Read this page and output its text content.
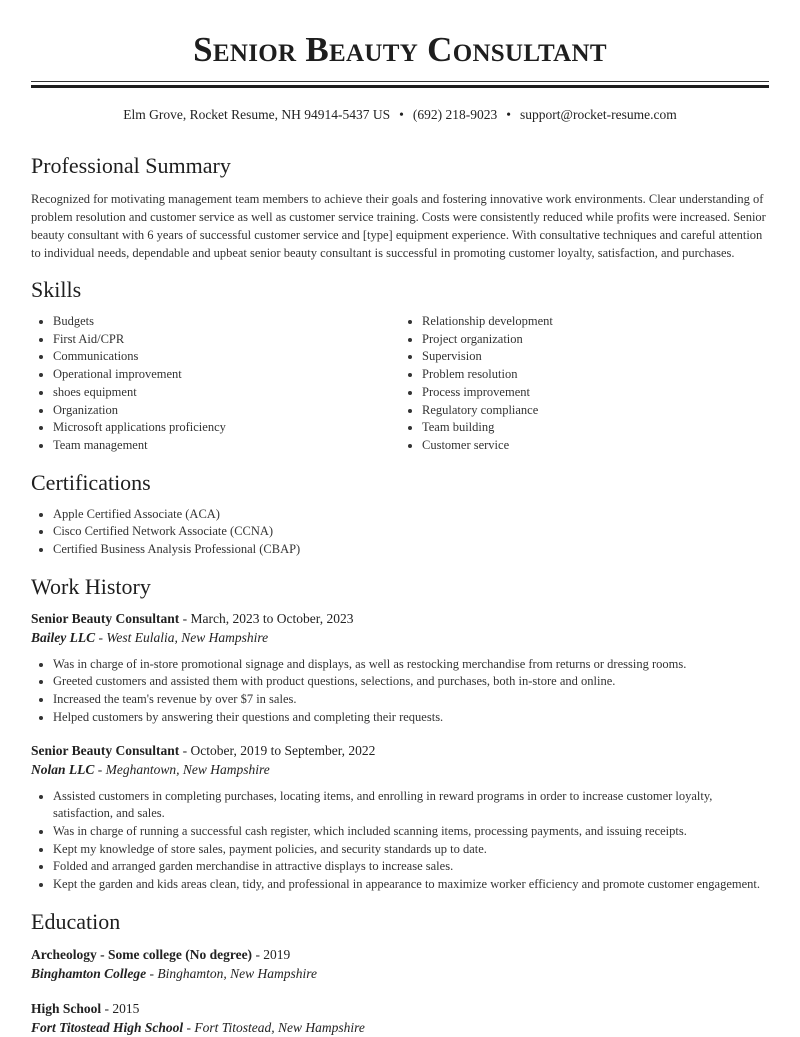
Senior Beauty Consultant
Elm Grove, Rocket Resume, NH 94914-5437 US • (692) 218-9023 • support@rocket-resume.com
Professional Summary

Recognized for motivating management team members to achieve their goals and fostering innovative work environments. Clear understanding of problem resolution and customer service as well as customer service training. Costs were consistently reduced while profits were increased. Senior beauty consultant with 6 years of successful customer service and [type] equipment experience. With consultative techniques and careful attention to individual needs, dependable and upbeat senior beauty consultant is successful in promoting customer loyalty, satisfaction, and purchases.

Skills
• Budgets
• First Aid/CPR
• Communications
• Operational improvement
• shoes equipment
• Organization
• Microsoft applications proficiency
• Team management
• Relationship development
• Project organization
• Supervision
• Problem resolution
• Process improvement
• Regulatory compliance
• Team building
• Customer service
Certifications
• Apple Certified Associate (ACA)
• Cisco Certified Network Associate (CCNA)
• Certified Business Analysis Professional (CBAP)
Work History
Senior Beauty Consultant - March, 2023 to October, 2023
Bailey LLC - West Eulalia, New Hampshire
• Was in charge of in-store promotional signage and displays, as well as restocking merchandise from returns or dressing rooms.
• Greeted customers and assisted them with product questions, selections, and purchases, both in-store and online.
• Increased the team's revenue by over $7 in sales.
• Helped customers by answering their questions and completing their requests.
Senior Beauty Consultant - October, 2019 to September, 2022
Nolan LLC - Meghantown, New Hampshire
• Assisted customers in completing purchases, locating items, and enrolling in reward programs in order to increase customer loyalty, satisfaction, and sales.
• Was in charge of running a successful cash register, which included scanning items, processing payments, and issuing receipts.
• Kept my knowledge of store sales, payment policies, and security standards up to date.
• Folded and arranged garden merchandise in attractive displays to increase sales.
• Kept the garden and kids areas clean, tidy, and professional in appearance to maximize worker efficiency and promote customer engagement.
Education
Archeology - Some college (No degree) - 2019
Binghamton College - Binghamton, New Hampshire
High School - 2015
Fort Titostead High School - Fort Titostead, New Hampshire
